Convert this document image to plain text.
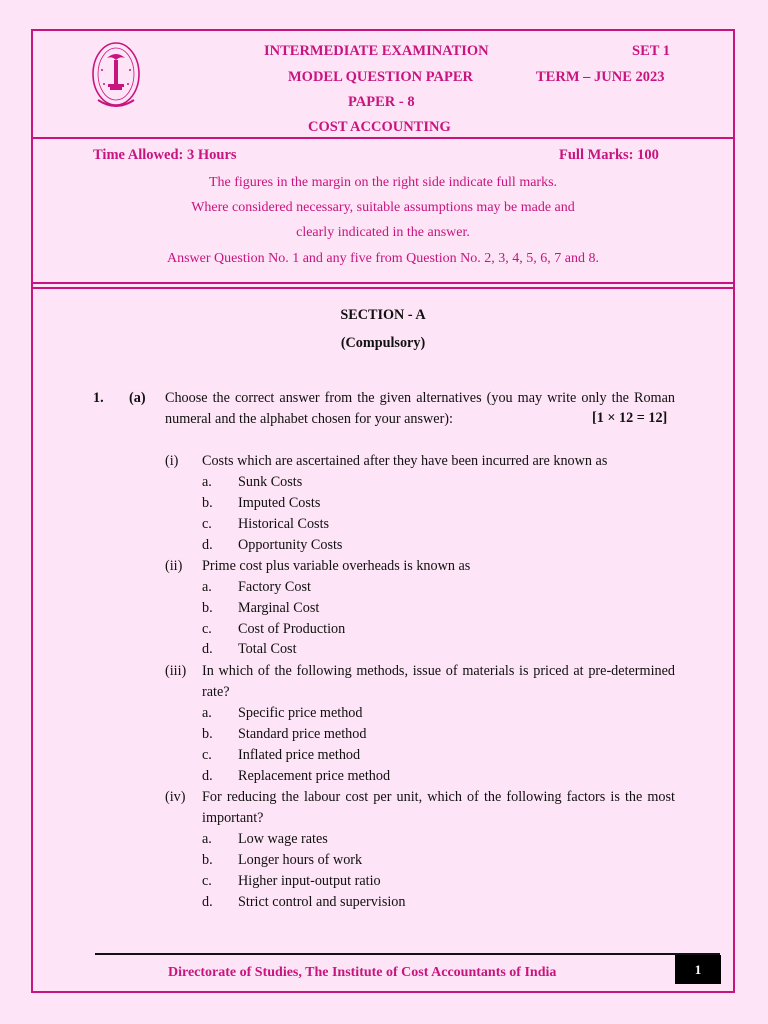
INTERMEDIATE EXAMINATION	SET 1
MODEL QUESTION PAPER	TERM – JUNE 2023
PAPER - 8
COST ACCOUNTING
Time Allowed: 3 Hours	Full Marks: 100
The figures in the margin on the right side indicate full marks.
Where considered necessary, suitable assumptions may be made and
clearly indicated in the answer.
Answer Question No. 1 and any five from Question No. 2, 3, 4, 5, 6, 7 and 8.
SECTION - A
(Compulsory)
1. (a) Choose the correct answer from the given alternatives (you may write only the Roman numeral and the alphabet chosen for your answer):	[1 × 12 = 12]
(i) Costs which are ascertained after they have been incurred are known as
a. Sunk Costs
b. Imputed Costs
c. Historical Costs
d. Opportunity Costs
(ii) Prime cost plus variable overheads is known as
a. Factory Cost
b. Marginal Cost
c. Cost of Production
d. Total Cost
(iii) In which of the following methods, issue of materials is priced at pre-determined rate?
a. Specific price method
b. Standard price method
c. Inflated price method
d. Replacement price method
(iv) For reducing the labour cost per unit, which of the following factors is the most important?
a. Low wage rates
b. Longer hours of work
c. Higher input-output ratio
d. Strict control and supervision
Directorate of Studies, The Institute of Cost Accountants of India	1
